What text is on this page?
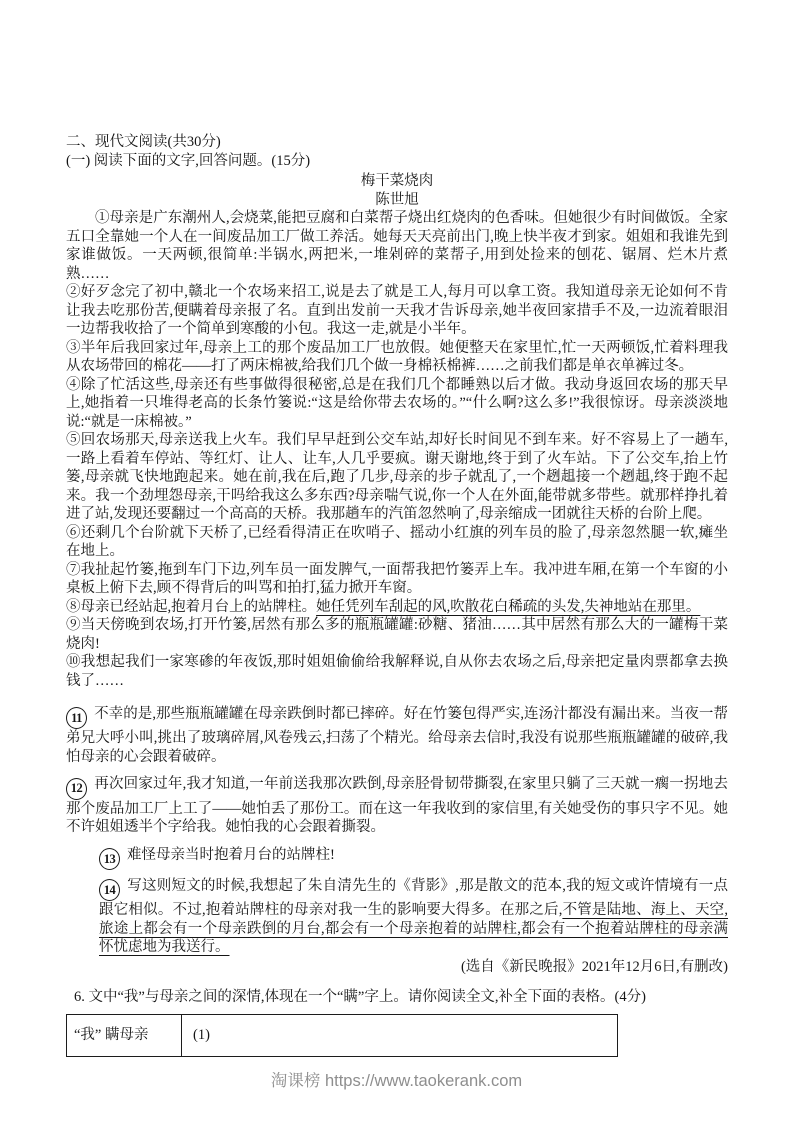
二、现代文阅读(共30分)
(一) 阅读下面的文字,回答问题。(15分)
梅干菜烧肉
陈世旭

①母亲是广东潮州人,会烧菜,能把豆腐和白菜帮子烧出红烧肉的色香味。但她很少有时间做饭。全家五口全靠她一个人在一间废品加工厂做工养活。她每天天亮前出门,晚上快半夜才到家。姐姐和我谁先到家谁做饭。一天两顿,很简单:半锅水,两把米,一堆剁碎的菜帮子,用到处捡来的刨花、锯屑、烂木片煮熟……

②好歹念完了初中,赣北一个农场来招工,说是去了就是工人,每月可以拿工资。我知道母亲无论如何不肯让我去吃那份苦,便瞒着母亲报了名。直到出发前一天我才告诉母亲,她半夜回家措手不及,一边流着眼泪一边帮我收拾了一个简单到寒酸的小包。我这一走,就是小半年。

③半年后我回家过年,母亲上工的那个废品加工厂也放假。她便整天在家里忙,忙一天两顿饭,忙着料理我从农场带回的棉花——打了两床棉被,给我们几个做一身棉袄棉裤……之前我们都是单衣单裤过冬。

④除了忙活这些,母亲还有些事做得很秘密,总是在我们几个都睡熟以后才做。我动身返回农场的那天早上,她指着一只堆得老高的长条竹篓说:“这是给你带去农场的。”“什么啊?这么多!”我很惊讶。母亲淡淡地说:“就是一床棉被。”

⑤回农场那天,母亲送我上火车。我们早早赶到公交车站,却好长时间见不到车来。好不容易上了一趟车,一路上看着车停站、等红灯、让人、让车,人几乎要疯。谢天谢地,终于到了火车站。下了公交车,抬上竹篓,母亲就飞快地跑起来。她在前,我在后,跑了几步,母亲的步子就乱了,一个趔趄接一个趔趄,终于跑不起来。我一个劲埋怨母亲,干吗给我这么多东西?母亲喘气说,你一个人在外面,能带就多带些。就那样挣扎着进了站,发现还要翻过一个高高的天桥。我那趟车的汽笛忽然响了,母亲缩成一团就往天桥的台阶上爬。

⑥还剩几个台阶就下天桥了,已经看得清正在吹哨子、摇动小红旗的列车员的脸了,母亲忽然腿一软,瘫坐在地上。

⑦我扯起竹篓,拖到车门下边,列车员一面发脾气,一面帮我把竹篓弄上车。我冲进车厢,在第一个车窗的小桌板上俯下去,顾不得背后的叫骂和拍打,猛力掀开车窗。

⑧母亲已经站起,抱着月台上的站牌柱。她任凭列车刮起的风,吹散花白稀疏的头发,失神地站在那里。

⑨当天傍晚到农场,打开竹篓,居然有那么多的瓶瓶罐罐:砂糖、猪油……其中居然有那么大的一罐梅干菜烧肉!

⑩我想起我们一家寒碜的年夜饭,那时姐姐偷偷给我解释说,自从你去农场之后,母亲把定量肉票都拿去换钱了……

11 不幸的是,那些瓶瓶罐罐在母亲跌倒时都已摔碎。好在竹篓包得严实,连汤汁都没有漏出来。当夜一帮弟兄大呼小叫,挑出了玻璃碎屑,风卷残云,扫荡了个精光。给母亲去信时,我没有说那些瓶瓶罐罐的破碎,我怕母亲的心会跟着破碎。

12 再次回家过年,我才知道,一年前送我那次跌倒,母亲胫骨韧带撕裂,在家里只躺了三天就一瘸一拐地去那个废品加工厂上工了——她怕丢了那份工。而在这一年我收到的家信里,有关她受伤的事只字不见。她不许姐姐透半个字给我。她怕我的心会跟着撕裂。

13 难怪母亲当时抱着月台的站牌柱!

14 写这则短文的时候,我想起了朱自清先生的《背影》,那是散文的范本,我的短文或许情境有一点跟它相似。不过,抱着站牌柱的母亲对我一生的影响要大得多。在那之后,不管是陆地、海上、天空,旅途上都会有一个母亲跌倒的月台,都会有一个母亲抱着的站牌柱,都会有一个抱着站牌柱的母亲满怀忧虑地为我送行。

(选自《新民晚报》2021年12月6日,有删改)
6. 文中“我”与母亲之间的深情,体现在一个“瞒”字上。请你阅读全文,补全下面的表格。(4分)
“我” 瞒母亲	(1)
淘课榜 https://www.taokerank.com
